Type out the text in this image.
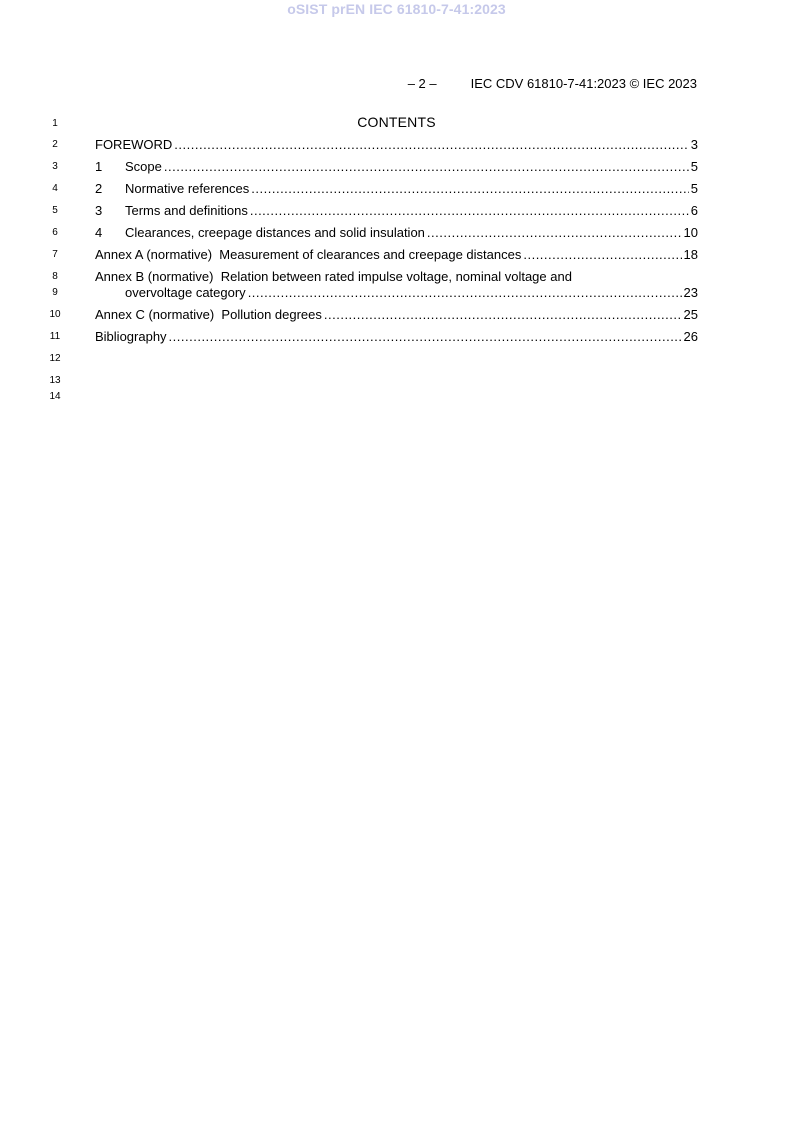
oSIST prEN IEC 61810-7-41:2023
– 2 –	IEC CDV 61810-7-41:2023 © IEC 2023
1
2
3
4
5
6
7
8
9
10
11
12
13
14
CONTENTS
FOREWORD .....	3
1	Scope .....	5
2	Normative references .....	5
3	Terms and definitions .....	6
4	Clearances, creepage distances and solid insulation .....	10
Annex A (normative)  Measurement of clearances and creepage distances .....	18
Annex B (normative)  Relation between rated impulse voltage, nominal voltage and
overvoltage category .....	23
Annex C (normative)  Pollution degrees .....	25
Bibliography .....	26
